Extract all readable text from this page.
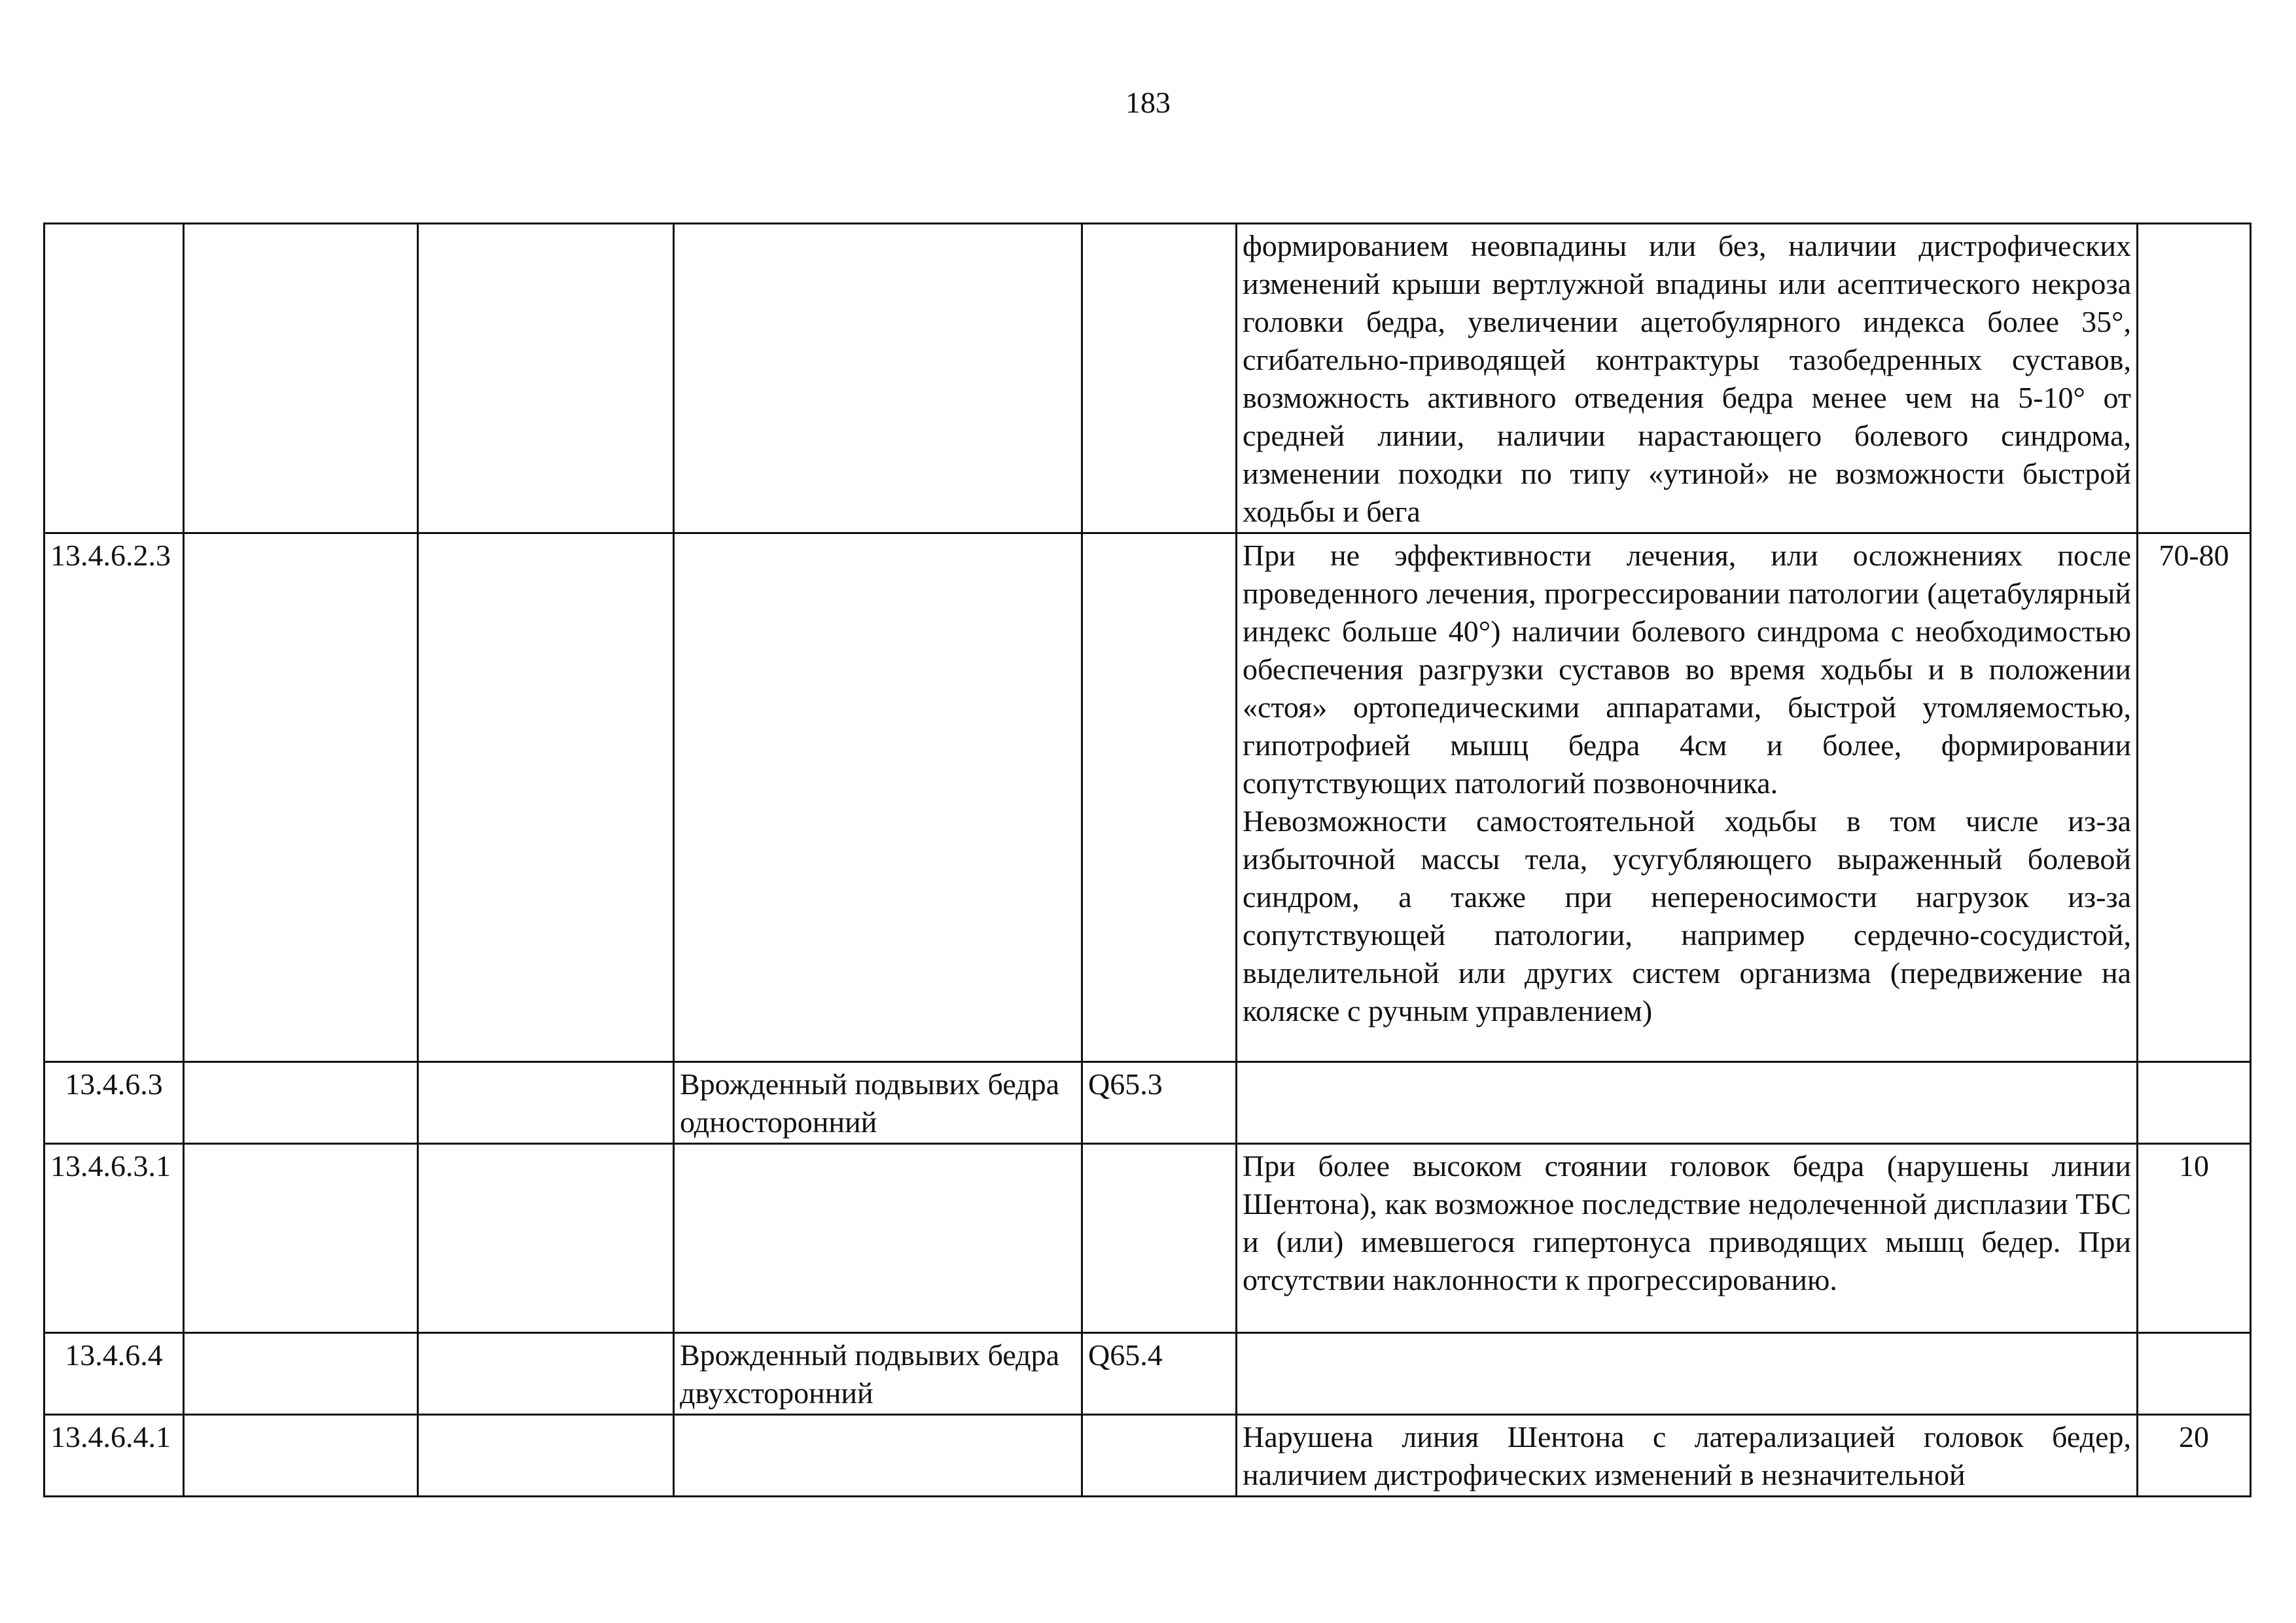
183

					формированием неовпадины или без, наличии дистрофических изменений крыши вертлужной впадины или асептического некроза головки бедра, увеличении ацетобулярного индекса более 35°, сгибательно-приводящей контрактуры тазобедренных суставов, возможность активного отведения бедра менее чем на 5-10° от средней линии, наличии нарастающего болевого синдрома, изменении походки по типу «утиной» не возможности быстрой ходьбы и бега	

13.4.6.2.3					При не эффективности лечения, или осложнениях после проведенного лечения, прогрессировании патологии (ацетабулярный индекс больше 40°) наличии болевого синдрома с необходимостью обеспечения разгрузки суставов во время ходьбы и в положении «стоя» ортопедическими аппаратами, быстрой утомляемостью, гипотрофией мышц бедра 4см и более, формировании сопутствующих патологий позвоночника.
Невозможности самостоятельной ходьбы в том числе из-за избыточной массы тела, усугубляющего выраженный болевой синдром, а также при непереносимости нагрузок из-за сопутствующей патологии, например сердечно-сосудистой, выделительной или других систем организма (передвижение на коляске с ручным управлением)	70-80
13.4.6.3			Врожденный подвывих бедра односторонний	Q65.3	

13.4.6.3.1					При более высоком стоянии головок бедра (нарушены линии Шентона), как возможное последствие недолеченной дисплазии ТБС и (или) имевшегося гипертонуса приводящих мышц бедер. При отсутствии наклонности к прогрессированию.	10
13.4.6.4			Врожденный подвывих бедра двухсторонний	Q65.4	

13.4.6.4.1					Нарушена линия Шентона с латерализацией головок бедер, наличием дистрофических изменений в незначительной	20
